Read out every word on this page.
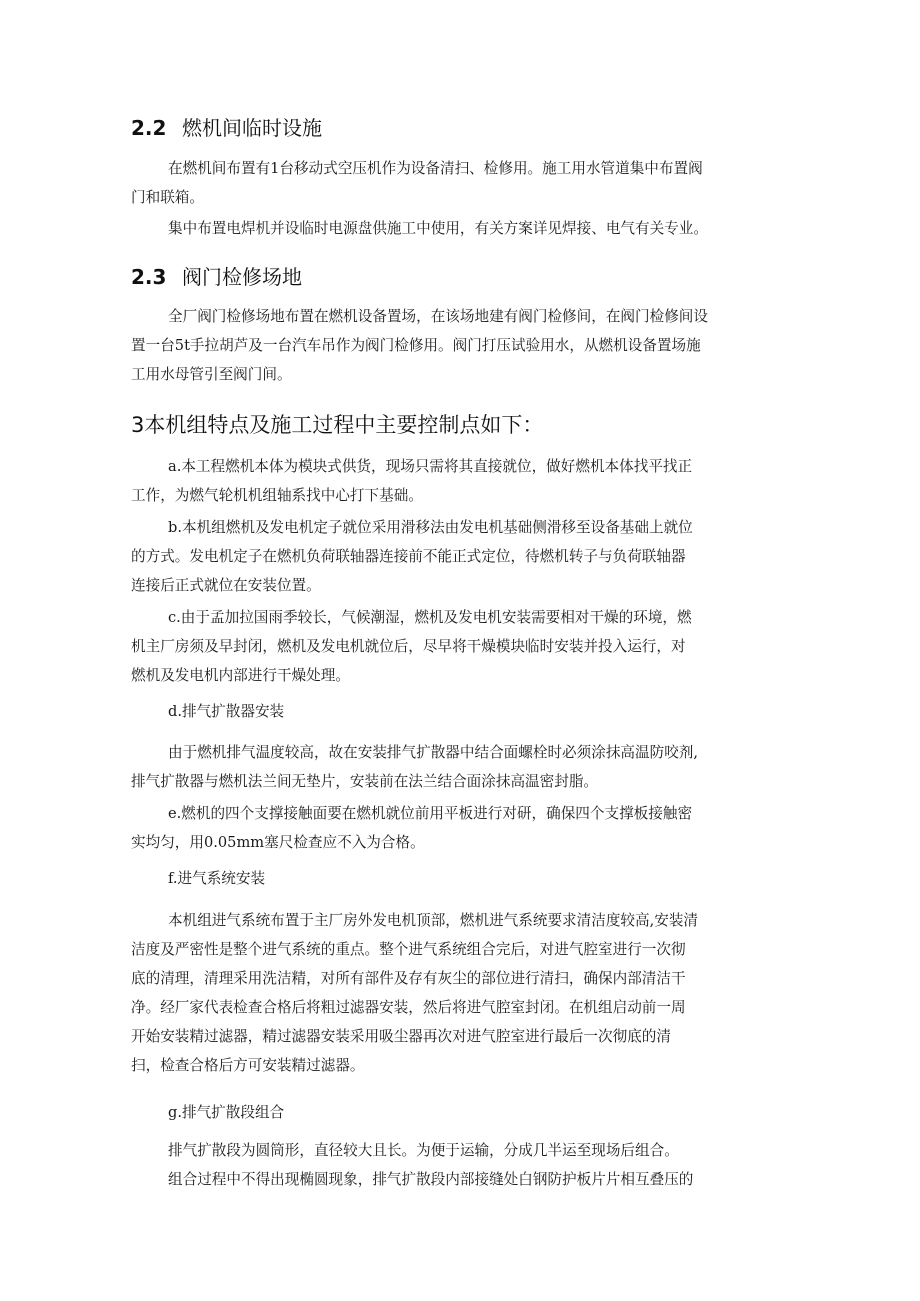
2.2 燃机间临时设施
在燃机间布置有1台移动式空压机作为设备清扫、检修用。施工用水管道集中布置阀
门和联箱。
集中布置电焊机并设临时电源盘供施工中使用，有关方案详见焊接、电气有关专业。
2.3 阀门检修场地
全厂阀门检修场地布置在燃机设备置场，在该场地建有阀门检修间，在阀门检修间设
置一台5t手拉胡芦及一台汽车吊作为阀门检修用。阀门打压试验用水，从燃机设备置场施
工用水母管引至阀门间。
3本机组特点及施工过程中主要控制点如下：
a.本工程燃机本体为模块式供货，现场只需将其直接就位，做好燃机本体找平找正
工作，为燃气轮机机组轴系找中心打下基础。
b.本机组燃机及发电机定子就位采用滑移法由发电机基础侧滑移至设备基础上就位
的方式。发电机定子在燃机负荷联轴器连接前不能正式定位，待燃机转子与负荷联轴器
连接后正式就位在安装位置。
c.由于孟加拉国雨季较长，气候潮湿，燃机及发电机安装需要相对干燥的环境，燃
机主厂房须及早封闭，燃机及发电机就位后，尽早将干燥模块临时安装并投入运行，对
燃机及发电机内部进行干燥处理。
d.排气扩散器安装
由于燃机排气温度较高，故在安装排气扩散器中结合面螺栓时必须涂抹高温防咬剂,
排气扩散器与燃机法兰间无垫片，安装前在法兰结合面涂抹高温密封脂。
e.燃机的四个支撑接触面要在燃机就位前用平板进行对研，确保四个支撑板接触密
实均匀，用0.05mm塞尺检查应不入为合格。
f.进气系统安装
本机组进气系统布置于主厂房外发电机顶部，燃机进气系统要求清洁度较高,安装清
洁度及严密性是整个进气系统的重点。整个进气系统组合完后，对进气腔室进行一次彻
底的清理，清理采用洗洁精，对所有部件及存有灰尘的部位进行清扫，确保内部清洁干
净。经厂家代表检查合格后将粗过滤器安装，然后将进气腔室封闭。在机组启动前一周
开始安装精过滤器，精过滤器安装采用吸尘器再次对进气腔室进行最后一次彻底的清
扫，检查合格后方可安装精过滤器。
g.排气扩散段组合
排气扩散段为圆筒形，直径较大且长。为便于运输，分成几半运至现场后组合。
组合过程中不得出现椭圆现象，排气扩散段内部接缝处白钢防护板片片相互叠压的
